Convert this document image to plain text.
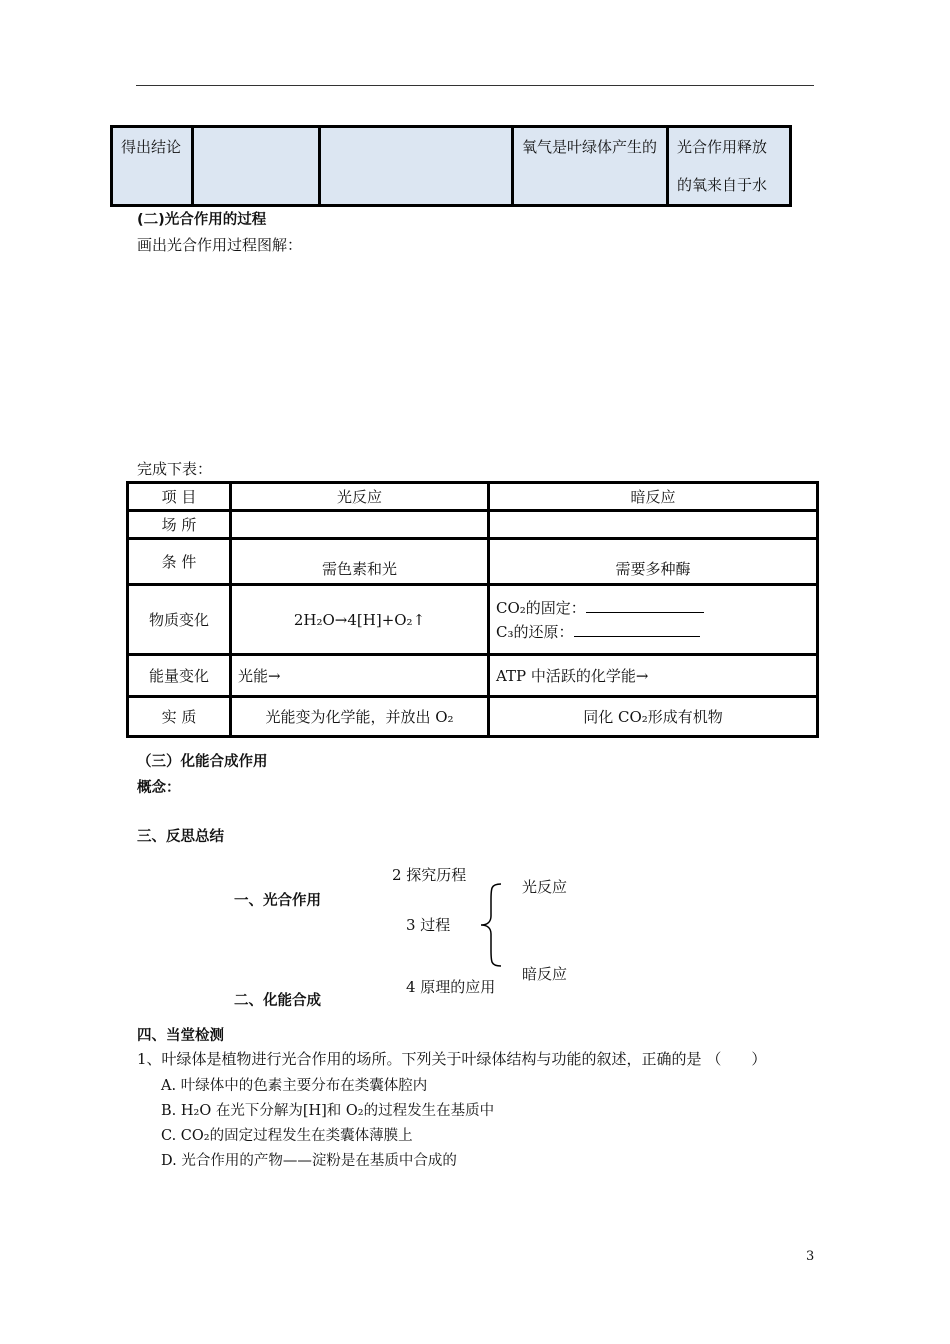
得出结论			氧气是叶绿体产生的	光合作用释放的氧来自于水
(二)光合作用的过程
画出光合作用过程图解：
完成下表：
项 目	光反应	暗反应
场 所		
条 件	需色素和光	需要多种酶
物质变化	2H₂O→4[H]+O₂↑	CO₂的固定：
C₃的还原：

能量变化	光能→	ATP 中活跃的化学能→
实 质	光能变为化学能，并放出 O₂	同化 CO₂形成有机物
（三）化能合成作用
概念：
三、反思总结
一、光合作用
二、化能合成
2 探究历程
3 过程
4 原理的应用
光反应
暗反应
四、当堂检测
1、叶绿体是植物进行光合作用的场所。下列关于叶绿体结构与功能的叙述，正确的是 （　　）
A. 叶绿体中的色素主要分布在类囊体腔内
B. H₂O 在光下分解为[H]和 O₂的过程发生在基质中
C. CO₂的固定过程发生在类囊体薄膜上
D. 光合作用的产物——淀粉是在基质中合成的
3
